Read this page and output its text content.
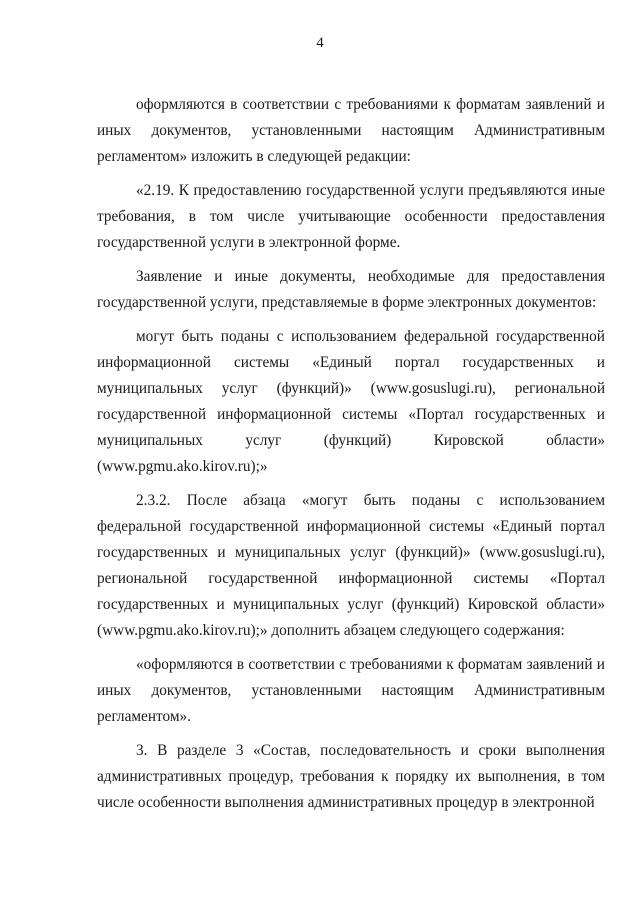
4

оформляются в соответствии с требованиями к форматам заявлений и иных документов, установленными настоящим Административным регламентом» изложить в следующей редакции:

«2.19. К предоставлению государственной услуги предъявляются иные требования, в том числе учитывающие особенности предоставления государственной услуги в электронной форме.

Заявление и иные документы, необходимые для предоставления государственной услуги, представляемые в форме электронных документов:

могут быть поданы с использованием федеральной государственной информационной системы «Единый портал государственных и муниципальных услуг (функций)» (www.gosuslugi.ru), региональной государственной информационной системы «Портал государственных и муниципальных услуг (функций) Кировской области» (www.pgmu.ako.kirov.ru);»

2.3.2. После абзаца «могут быть поданы с использованием федеральной государственной информационной системы «Единый портал государственных и муниципальных услуг (функций)» (www.gosuslugi.ru), региональной государственной информационной системы «Портал государственных и муниципальных услуг (функций) Кировской области» (www.pgmu.ako.kirov.ru);» дополнить абзацем следующего содержания:

«оформляются в соответствии с требованиями к форматам заявлений и иных документов, установленными настоящим Административным регламентом».

3. В разделе 3 «Состав, последовательность и сроки выполнения административных процедур, требования к порядку их выполнения, в том числе особенности выполнения административных процедур в электронной
